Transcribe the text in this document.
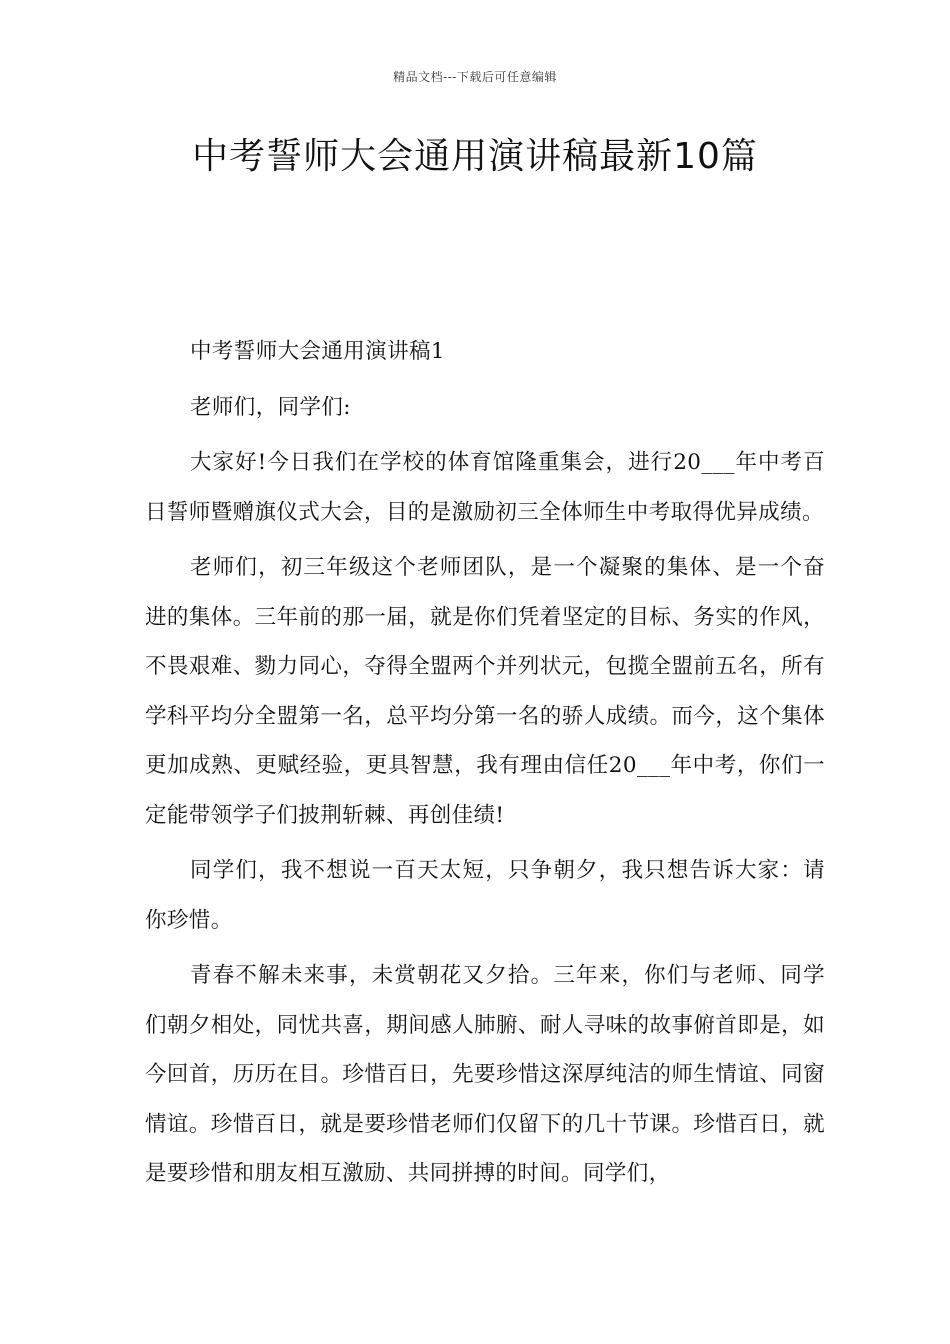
精品文档---下载后可任意编辑
中考誓师大会通用演讲稿最新10篇

中考誓师大会通用演讲稿1

老师们，同学们:

大家好!今日我们在学校的体育馆隆重集会，进行20___年中考百日誓师暨赠旗仪式大会，目的是激励初三全体师生中考取得优异成绩。

老师们，初三年级这个老师团队，是一个凝聚的集体、是一个奋进的集体。三年前的那一届，就是你们凭着坚定的目标、务实的作风，不畏艰难、勠力同心，夺得全盟两个并列状元，包揽全盟前五名，所有学科平均分全盟第一名，总平均分第一名的骄人成绩。而今，这个集体更加成熟、更赋经验，更具智慧，我有理由信任20___年中考，你们一定能带领学子们披荆斩棘、再创佳绩!

同学们，我不想说一百天太短，只争朝夕，我只想告诉大家：请你珍惜。

青春不解未来事，未赏朝花又夕拾。三年来，你们与老师、同学们朝夕相处，同忧共喜，期间感人肺腑、耐人寻味的故事俯首即是，如今回首，历历在目。珍惜百日，先要珍惜这深厚纯洁的师生情谊、同窗情谊。珍惜百日，就是要珍惜老师们仅留下的几十节课。珍惜百日，就是要珍惜和朋友相互激励、共同拼搏的时间。同学们，
